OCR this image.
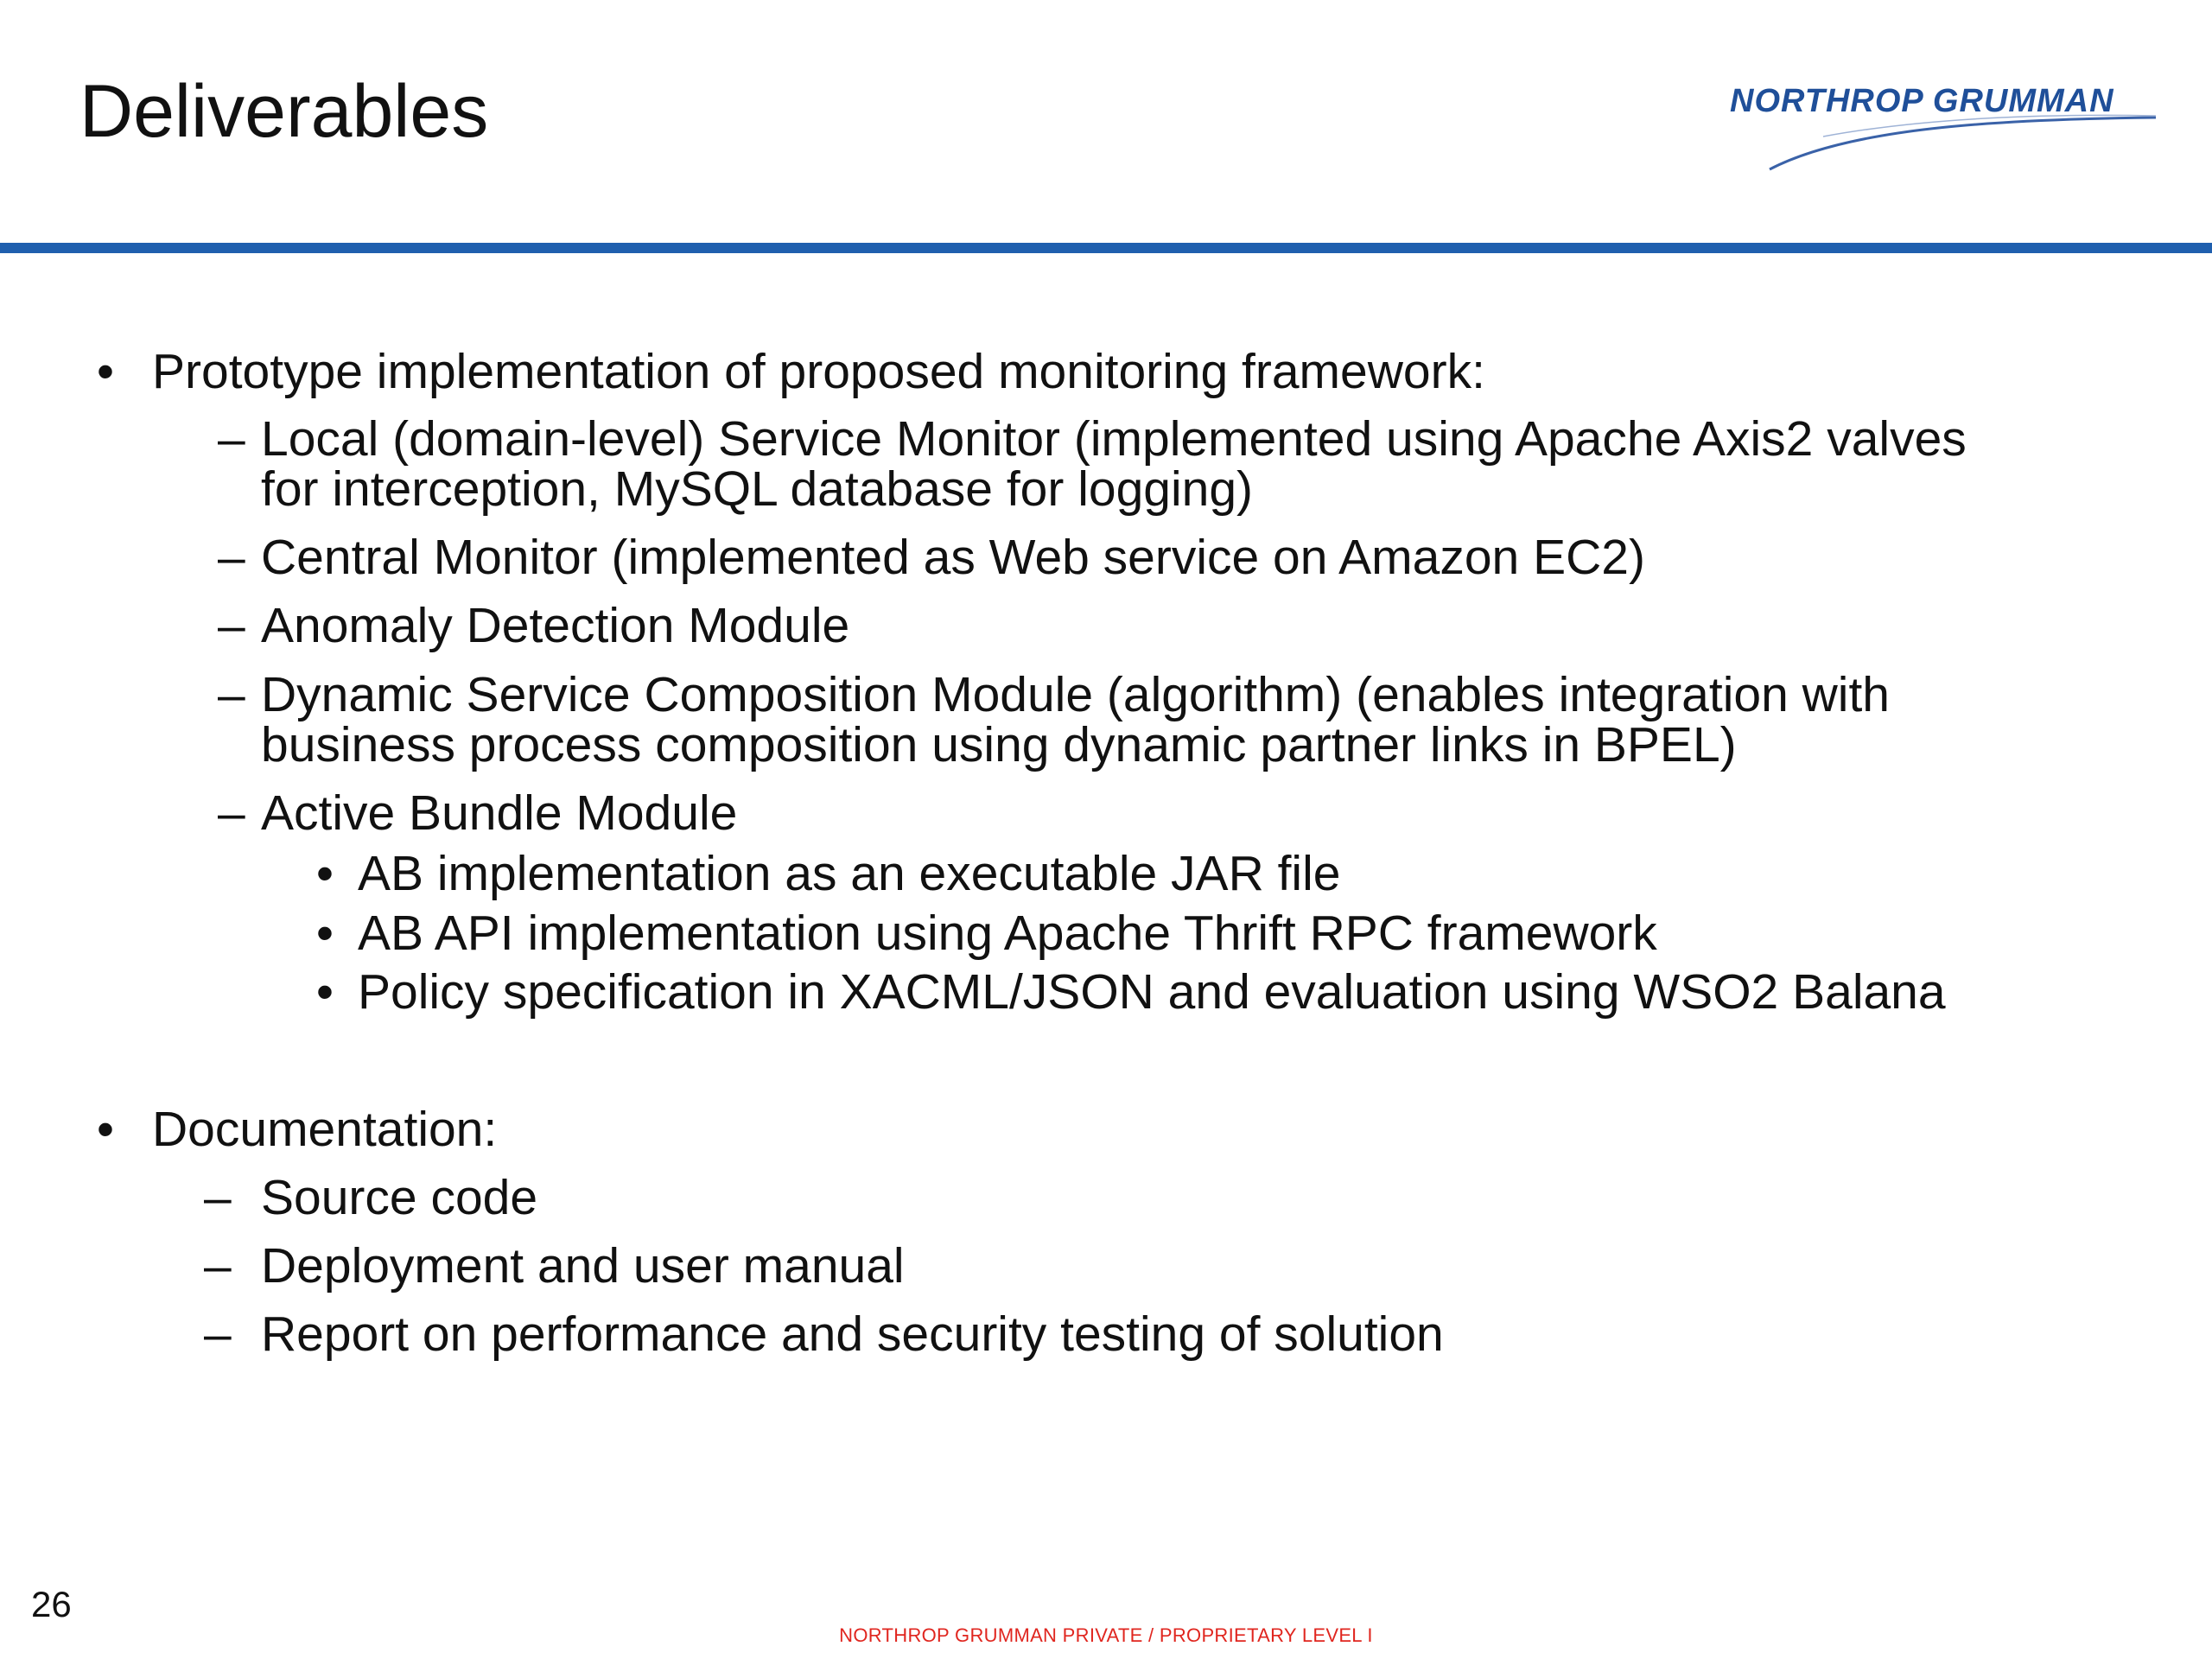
Deliverables	NORTHROP GRUMMAN
• Prototype implementation of proposed monitoring framework:
– Local (domain-level) Service Monitor (implemented using Apache Axis2 valves
for interception, MySQL database for logging)
– Central Monitor (implemented as Web service on Amazon EC2)
– Anomaly Detection Module
– Dynamic Service Composition Module (algorithm) (enables integration with
business process composition using dynamic partner links in BPEL)
– Active Bundle Module
• AB implementation as an executable JAR file
• AB API implementation using Apache Thrift RPC framework
• Policy specification in XACML/JSON and evaluation using WSO2 Balana
• Documentation:
– Source code
– Deployment and user manual
– Report on performance and security testing of solution
26
NORTHROP GRUMMAN PRIVATE / PROPRIETARY LEVEL I
